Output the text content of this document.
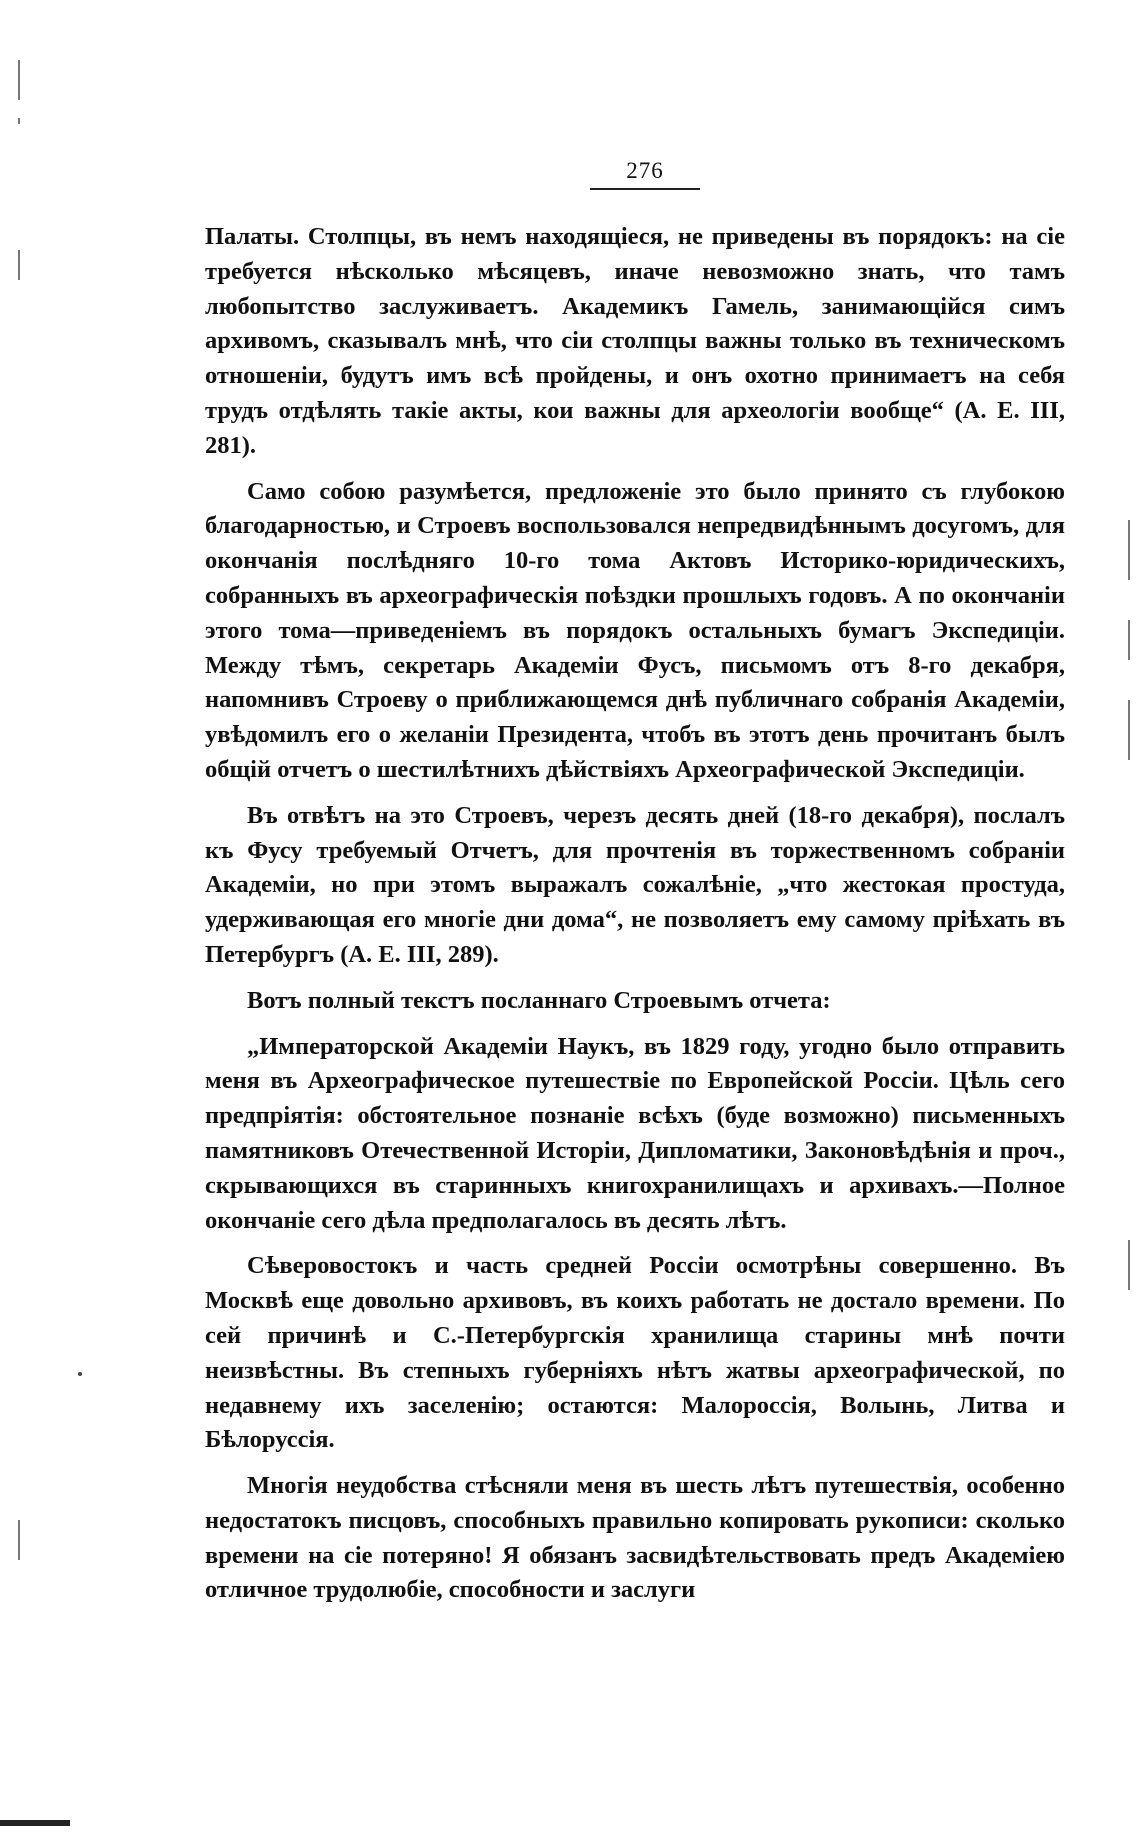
276

Палаты. Столпцы, въ немъ находящіеся, не приведены въ порядокъ: на сіе требуется нѣсколько мѣсяцевъ, иначе невозможно знать, что тамъ любопытство заслуживаетъ. Академикъ Гамель, занимающійся симъ архивомъ, сказывалъ мнѣ, что сіи столпцы важны только въ техническомъ отношеніи, будутъ имъ всѣ пройдены, и онъ охотно принимаетъ на себя трудъ отдѣлять такіе акты, кои важны для археологіи вообще“ (А. Е. III, 281).

Само собою разумѣется, предложеніе это было принято съ глубокою благодарностью, и Строевъ воспользовался непредвидѣннымъ досугомъ, для окончанія послѣдняго 10-го тома Актовъ Историко-юридическихъ, собранныхъ въ археографическія поѣздки прошлыхъ годовъ. А по окончаніи этого тома—приведеніемъ въ порядокъ остальныхъ бумагъ Экспедиціи. Между тѣмъ, секретарь Академіи Фусъ, письмомъ отъ 8-го декабря, напомнивъ Строеву о приближающемся днѣ публичнаго собранія Академіи, увѣдомилъ его о желаніи Президента, чтобъ въ этотъ день прочитанъ былъ общій отчетъ о шестилѣтнихъ дѣйствіяхъ Археографической Экспедиціи.

Въ отвѣтъ на это Строевъ, черезъ десять дней (18-го декабря), послалъ къ Фусу требуемый Отчетъ, для прочтенія въ торжественномъ собраніи Академіи, но при этомъ выражалъ сожалѣніе, „что жестокая простуда, удерживающая его многіе дни дома“, не позволяетъ ему самому пріѣхать въ Петербургъ (А. Е. III, 289).

Вотъ полный текстъ посланнаго Строевымъ отчета:

„Императорской Академіи Наукъ, въ 1829 году, угодно было отправить меня въ Археографическое путешествіе по Европейской Россіи. Цѣль сего предпріятія: обстоятельное познаніе всѣхъ (буде возможно) письменныхъ памятниковъ Отечественной Исторіи, Дипломатики, Законовѣдѣнія и проч., скрывающихся въ старинныхъ книгохранилищахъ и архивахъ.—Полное окончаніе сего дѣла предполагалось въ десять лѣтъ.

Сѣверовостокъ и часть средней Россіи осмотрѣны совершенно. Въ Москвѣ еще довольно архивовъ, въ коихъ работать не достало времени. По сей причинѣ и С.-Петербургскія хранилища старины мнѣ почти неизвѣстны. Въ степныхъ губерніяхъ нѣтъ жатвы археографической, по недавнему ихъ заселенію; остаются: Малороссія, Волынь, Литва и Бѣлоруссія.

Многія неудобства стѣсняли меня въ шесть лѣтъ путешествія, особенно недостатокъ писцовъ, способныхъ правильно копировать рукописи: сколько времени на сіе потеряно! Я обязанъ засвидѣтельствовать предъ Академіею отличное трудолюбіе, способности и заслуги
